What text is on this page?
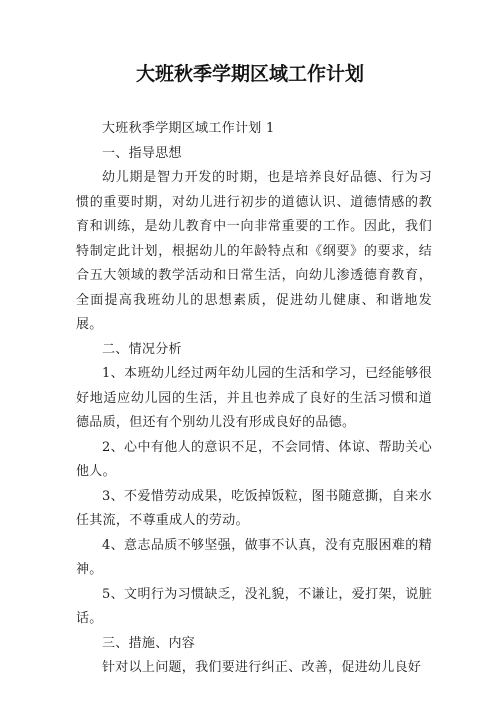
大班秋季学期区域工作计划

大班秋季学期区域工作计划 1

一、指导思想

幼儿期是智力开发的时期，也是培养良好品德、行为习惯的重要时期，对幼儿进行初步的道德认识、道德情感的教育和训练，是幼儿教育中一向非常重要的工作。因此，我们特制定此计划，根据幼儿的年龄特点和《纲要》的要求，结合五大领域的教学活动和日常生活，向幼儿渗透德育教育，全面提高我班幼儿的思想素质，促进幼儿健康、和谐地发展。

二、情况分析

1、本班幼儿经过两年幼儿园的生活和学习，已经能够很好地适应幼儿园的生活，并且也养成了良好的生活习惯和道德品质，但还有个别幼儿没有形成良好的品德。

2、心中有他人的意识不足，不会同情、体谅、帮助关心他人。

3、不爱惜劳动成果，吃饭掉饭粒，图书随意撕，自来水任其流，不尊重成人的劳动。

4、意志品质不够坚强，做事不认真，没有克服困难的精神。

5、文明行为习惯缺乏，没礼貌，不谦让，爱打架，说脏话。

三、措施、内容

针对以上问题，我们要进行纠正、改善，促进幼儿良好
